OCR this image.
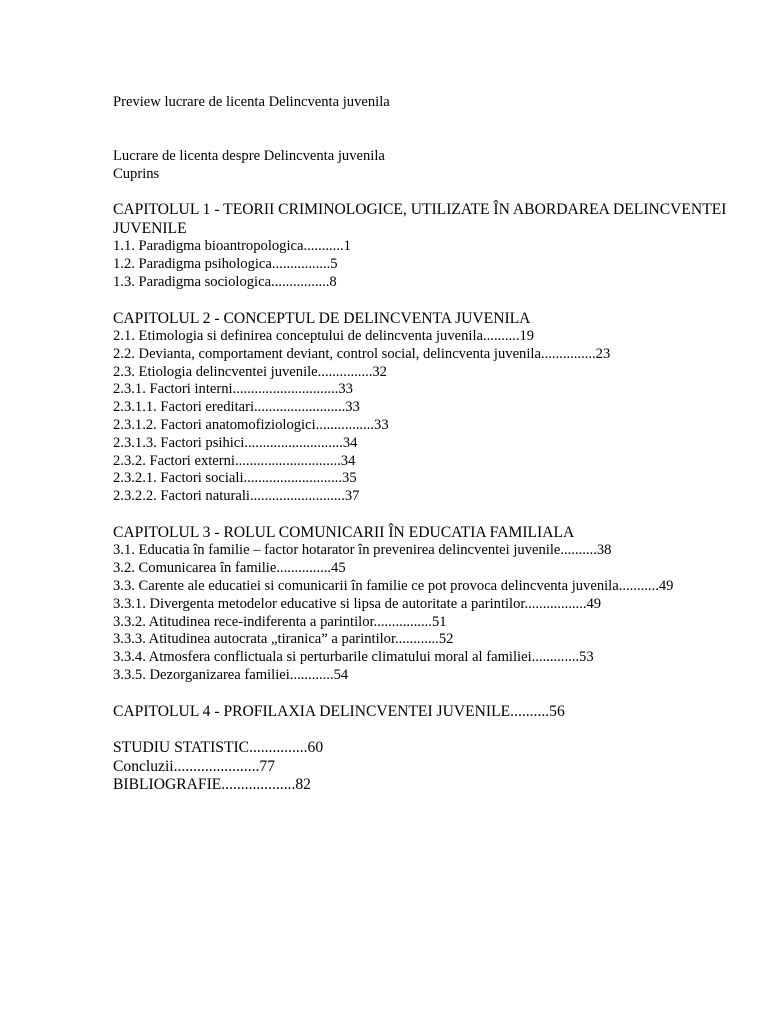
Preview lucrare de licenta Delincventa juvenila

Lucrare de licenta despre Delincventa juvenila

Cuprins

CAPITOLUL 1 - TEORII CRIMINOLOGICE, UTILIZATE ÎN ABORDAREA DELINCVENTEI JUVENILE

1.1. Paradigma bioantropologica...........1

1.2. Paradigma psihologica................5

1.3. Paradigma sociologica................8

CAPITOLUL 2 - CONCEPTUL DE DELINCVENTA JUVENILA

2.1. Etimologia si definirea conceptului de delincventa juvenila..........19

2.2. Devianta, comportament deviant, control social, delincventa juvenila...............23

2.3. Etiologia delincventei juvenile...............32

2.3.1. Factori interni.............................33

2.3.1.1. Factori ereditari.........................33

2.3.1.2. Factori anatomofiziologici................33

2.3.1.3. Factori psihici...........................34

2.3.2. Factori externi.............................34

2.3.2.1. Factori sociali...........................35

2.3.2.2. Factori naturali..........................37

CAPITOLUL 3 - ROLUL COMUNICARII ÎN EDUCATIA FAMILIALA

3.1. Educatia în familie – factor hotarator în prevenirea delincventei juvenile..........38

3.2. Comunicarea în familie...............45

3.3. Carente ale educatiei si comunicarii în familie ce pot provoca delincventa juvenila...........49

3.3.1. Divergenta metodelor educative si lipsa de autoritate a parintilor.................49

3.3.2. Atitudinea rece-indiferenta a parintilor................51

3.3.3. Atitudinea autocrata „tiranica” a parintilor............52

3.3.4. Atmosfera conflictuala si perturbarile climatului moral al familiei.............53

3.3.5. Dezorganizarea familiei............54

CAPITOLUL 4 - PROFILAXIA DELINCVENTEI JUVENILE..........56

STUDIU STATISTIC...............60

Concluzii......................77

BIBLIOGRAFIE...................82
